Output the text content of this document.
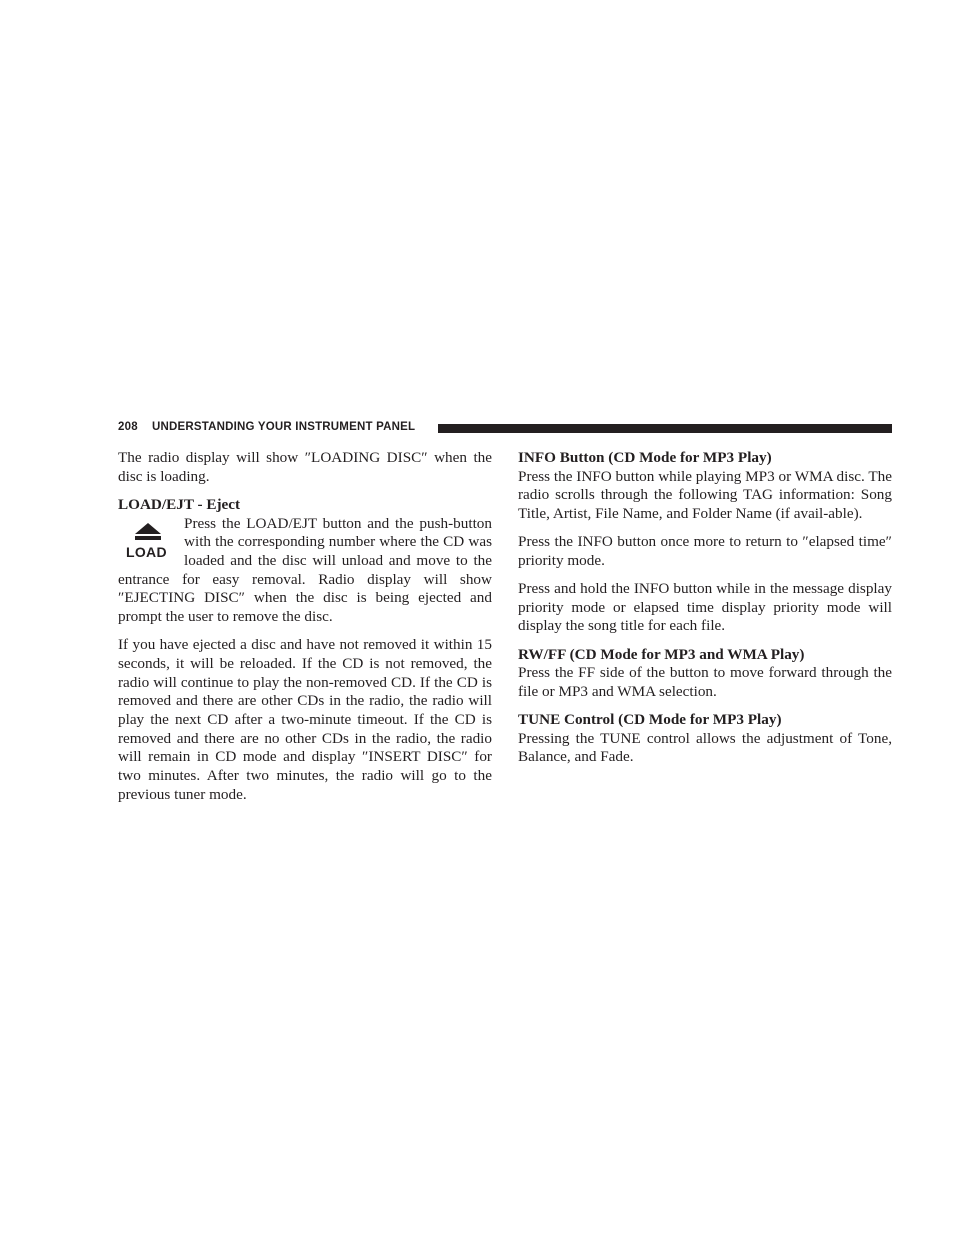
208 UNDERSTANDING YOUR INSTRUMENT PANEL

The radio display will show ″LOADING DISC″ when the disc is loading.

LOAD/EJT - Eject
LOAD
Press the LOAD/EJT button and the push-button with the corresponding number where the CD was loaded and the disc will unload and move to the entrance for easy removal. Radio display will show ″EJECTING DISC″ when the disc is being ejected and prompt the user to remove the disc.

If you have ejected a disc and have not removed it within 15 seconds, it will be reloaded. If the CD is not removed, the radio will continue to play the non-removed CD. If the CD is removed and there are other CDs in the radio, the radio will play the next CD after a two-minute timeout. If the CD is removed and there are no other CDs in the radio, the radio will remain in CD mode and display ″INSERT DISC″ for two minutes. After two minutes, the radio will go to the previous tuner mode.

INFO Button (CD Mode for MP3 Play)

Press the INFO button while playing MP3 or WMA disc. The radio scrolls through the following TAG information: Song Title, Artist, File Name, and Folder Name (if avail-able).

Press the INFO button once more to return to ″elapsed time″ priority mode.

Press and hold the INFO button while in the message display priority mode or elapsed time display priority mode will display the song title for each file.

RW/FF (CD Mode for MP3 and WMA Play)

Press the FF side of the button to move forward through the file or MP3 and WMA selection.

TUNE Control (CD Mode for MP3 Play)

Pressing the TUNE control allows the adjustment of Tone, Balance, and Fade.
